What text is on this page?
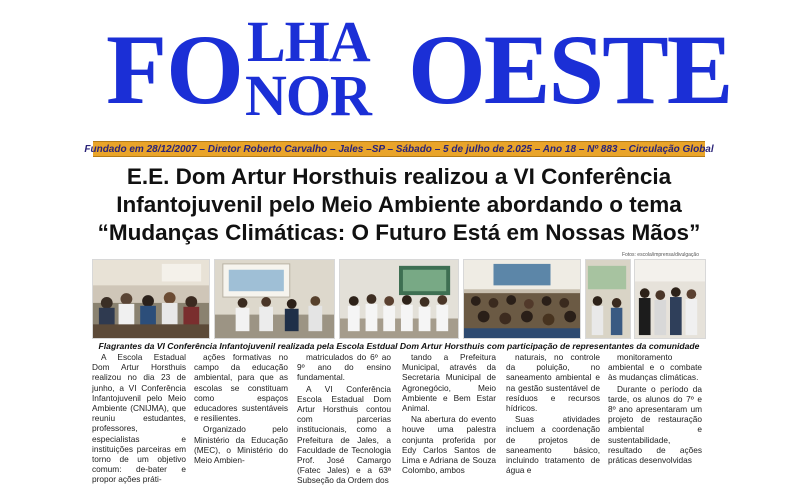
FO LHA
NOR OESTE
Fundado em 28/12/2007 – Diretor Roberto Carvalho – Jales –SP – Sábado – 5 de julho de 2.025 – Ano 18 – Nº 883 – Circulação Global
E.E. Dom Artur Horsthuis realizou a VI Conferência Infantojuvenil pelo Meio Ambiente abordando o tema “Mudanças Climáticas: O Futuro Está em Nossas Mãos”
Fotos: escola/imprensa/divulgação
Flagrantes da VI Conferência Infantojuvenil realizada pela Escola Estdual Dom Artur Horsthuis com participação de representantes da comunidade

A Escola Estadual Dom Artur Horsthuis realizou no dia 23 de junho, a VI Conferência Infantojuvenil pelo Meio Ambiente (CNIJMA), que reuniu estudantes, professores, especialistas e instituições parceiras em torno de um objetivo comum: de-bater e propor ações práti-

ações formativas no campo da educação ambiental, para que as escolas se constituam como espaços educadores sustentáveis e resilientes.

Organizado pelo Ministério da Educação (MEC), o Ministério do Meio Ambien-

matriculados do 6º ao 9º ano do ensino fundamental.

A VI Conferência Escola Estadual Dom Artur Horsthuis contou com parcerias institucionais, como a Prefeitura de Jales, a Faculdade de Tecnologia Prof. José Camargo (Fatec Jales) e a 63ª Subseção da Ordem dos

tando a Prefeitura Municipal, através da Secretaria Municipal de Agronegócio, Meio Ambiente e Bem Estar Animal.

Na abertura do evento houve uma palestra conjunta proferida por Edy Carlos Santos de Lima e Adriana de Souza Colombo, ambos

naturais, no controle da poluição, no saneamento ambiental e na gestão sustentável de resíduos e recursos hídricos.

Suas atividades incluem a coordenação de projetos de saneamento básico, incluindo tratamento de água e

monitoramento ambiental e o combate às mudanças climáticas.

Durante o período da tarde, os alunos do 7º e 8º ano apresentaram um projeto de restauração ambiental e sustentabilidade, resultado de ações práticas desenvolvidas
